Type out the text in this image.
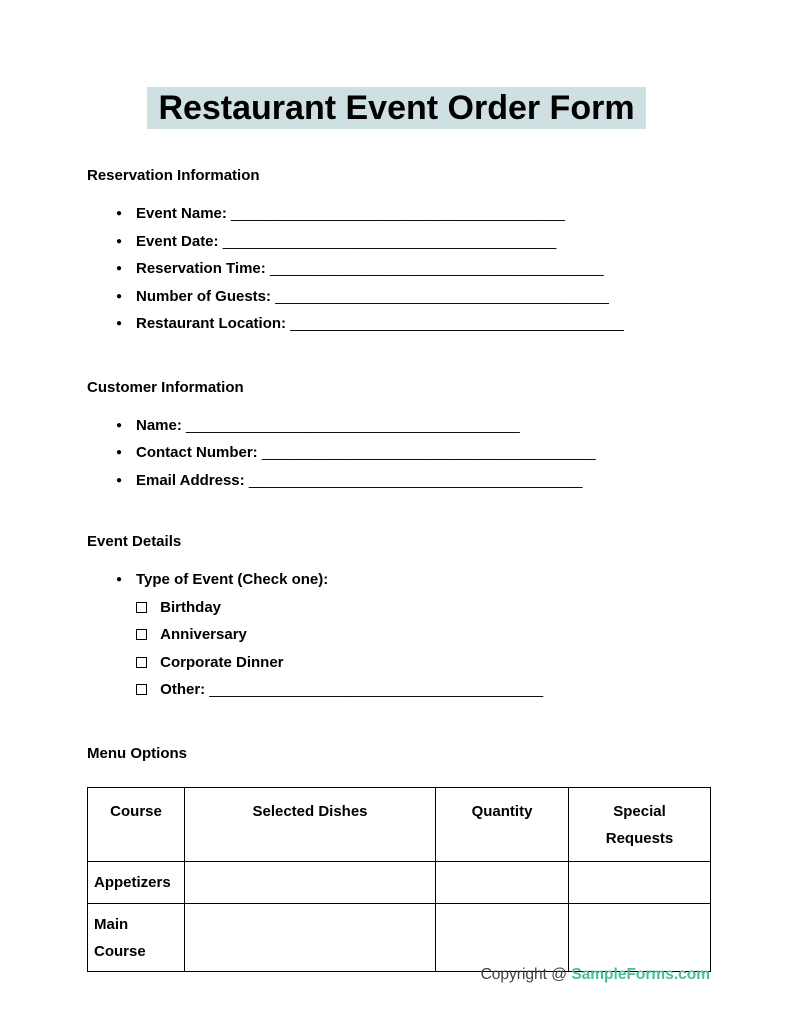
Restaurant Event Order Form

Reservation Information

● Event Name: ________________________________________
● Event Date: ________________________________________
● Reservation Time: ________________________________________
● Number of Guests: ________________________________________
● Restaurant Location: ________________________________________

Customer Information

● Name: ________________________________________
● Contact Number: ________________________________________
● Email Address: ________________________________________

Event Details

● Type of Event (Check one):
Birthday
Anniversary
Corporate Dinner
Other: ________________________________________

Menu Options

Course	Selected Dishes	Quantity	Special Requests
Appetizers			
Main Course			
Copyright @ SampleForms.com
